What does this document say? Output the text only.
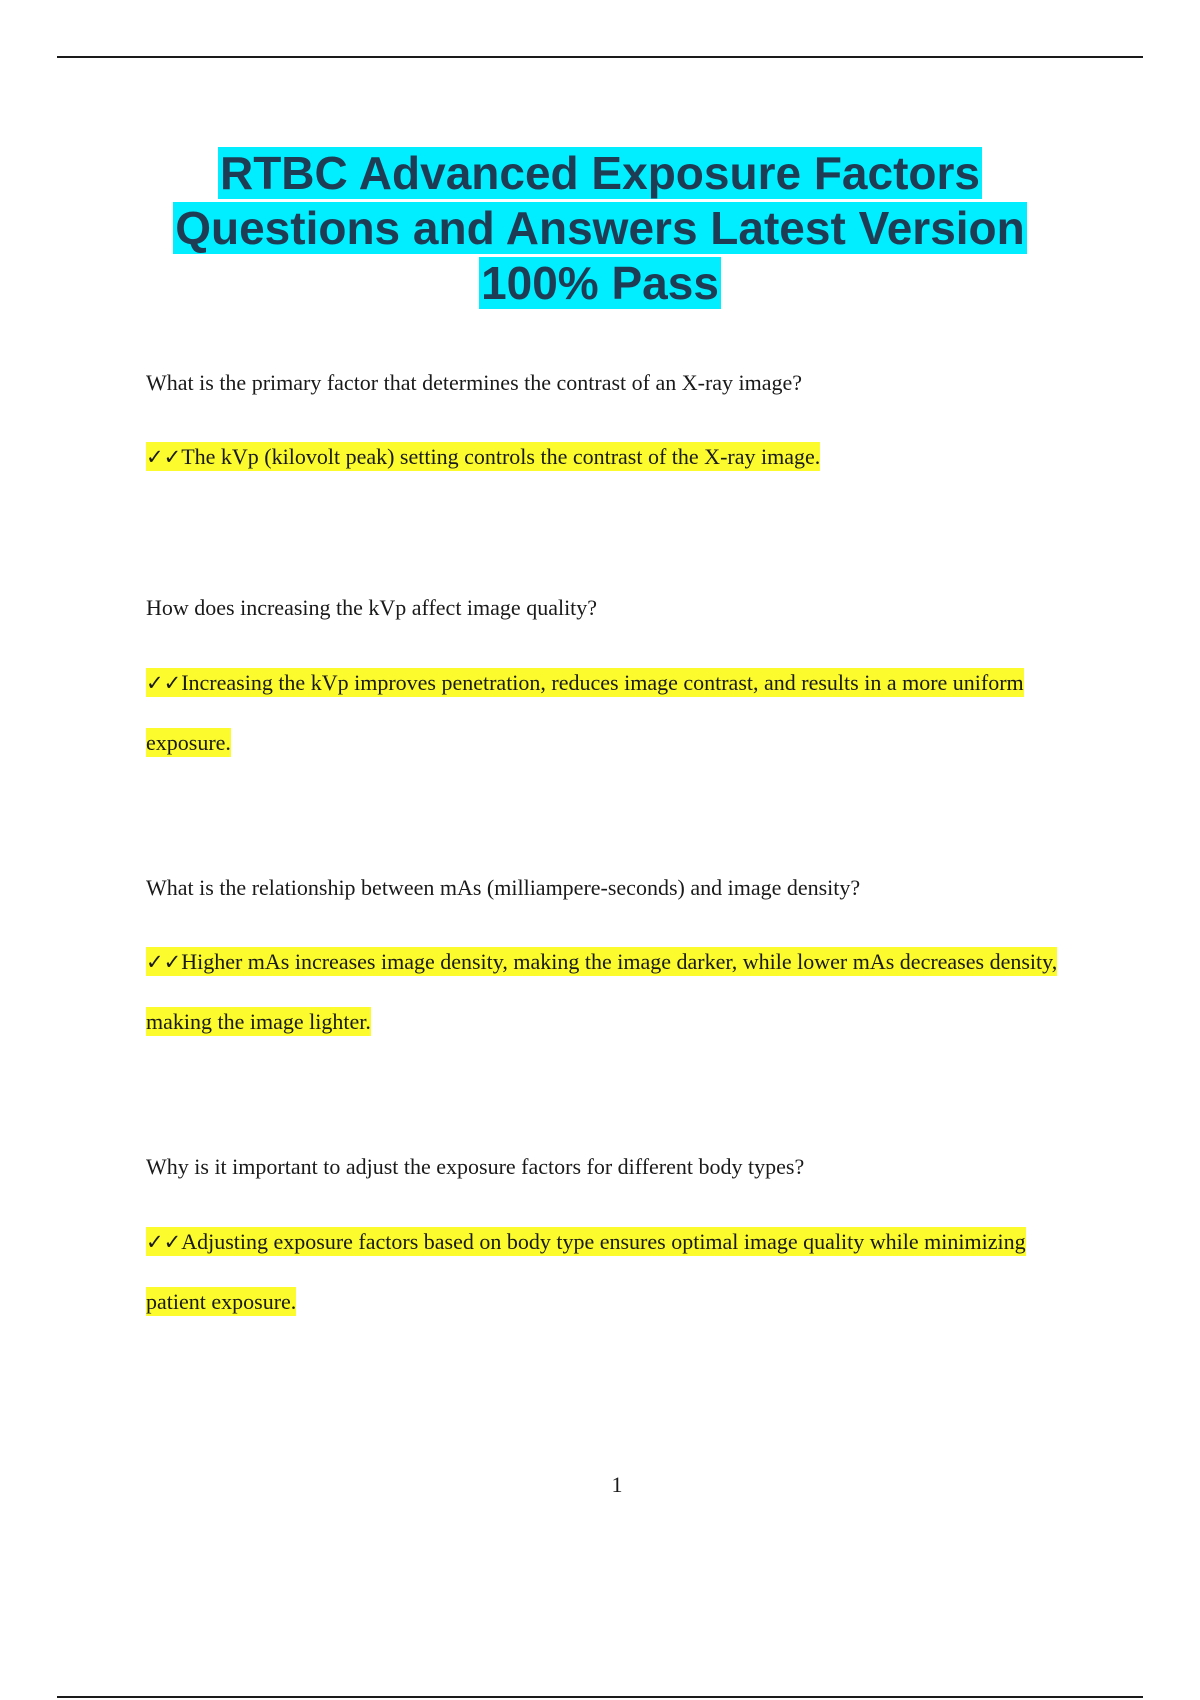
RTBC Advanced Exposure Factors
Questions and Answers Latest Version
100% Pass

What is the primary factor that determines the contrast of an X-ray image?

✓✓The kVp (kilovolt peak) setting controls the contrast of the X-ray image.

How does increasing the kVp affect image quality?

✓✓Increasing the kVp improves penetration, reduces image contrast, and results in a more uniform exposure.

What is the relationship between mAs (milliampere-seconds) and image density?

✓✓Higher mAs increases image density, making the image darker, while lower mAs decreases density, making the image lighter.

Why is it important to adjust the exposure factors for different body types?

✓✓Adjusting exposure factors based on body type ensures optimal image quality while minimizing patient exposure.

1
